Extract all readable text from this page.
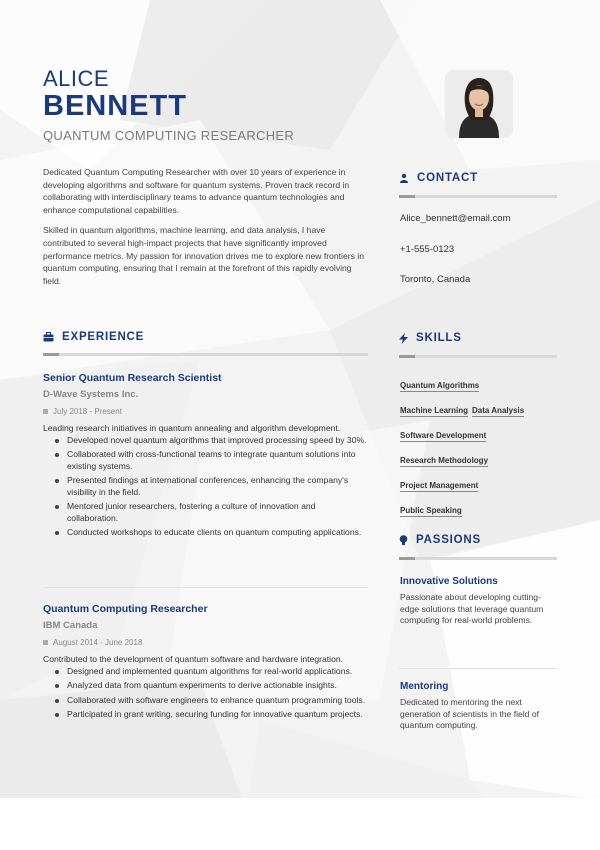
ALICE
BENNETT
QUANTUM COMPUTING RESEARCHER

Dedicated Quantum Computing Researcher with over 10 years of experience in developing algorithms and software for quantum systems. Proven track record in collaborating with interdisciplinary teams to advance quantum technologies and enhance computational capabilities.

Skilled in quantum algorithms, machine learning, and data analysis, I have contributed to several high-impact projects that have significantly improved performance metrics. My passion for innovation drives me to explore new frontiers in quantum computing, ensuring that I remain at the forefront of this rapidly evolving field.

CONTACT
Alice_bennett@email.com
+1-555-0123
Toronto, Canada
EXPERIENCE
Senior Quantum Research Scientist
D-Wave Systems Inc.
July 2018 - Present
Leading research initiatives in quantum annealing and algorithm development.
Developed novel quantum algorithms that improved processing speed by 30%.
Collaborated with cross-functional teams to integrate quantum solutions into existing systems.
Presented findings at international conferences, enhancing the company's visibility in the field.
Mentored junior researchers, fostering a culture of innovation and collaboration.
Conducted workshops to educate clients on quantum computing applications.
Quantum Computing Researcher
IBM Canada
August 2014 - June 2018
Contributed to the development of quantum software and hardware integration.
Designed and implemented quantum algorithms for real-world applications.
Analyzed data from quantum experiments to derive actionable insights.
Collaborated with software engineers to enhance quantum programming tools.
Participated in grant writing, securing funding for innovative quantum projects.
SKILLS
Quantum Algorithms
Machine Learning Data Analysis
Software Development
Research Methodology
Project Management
Public Speaking
PASSIONS
Innovative Solutions
Passionate about developing cutting-edge solutions that leverage quantum computing for real-world problems.
Mentoring
Dedicated to mentoring the next generation of scientists in the field of quantum computing.
